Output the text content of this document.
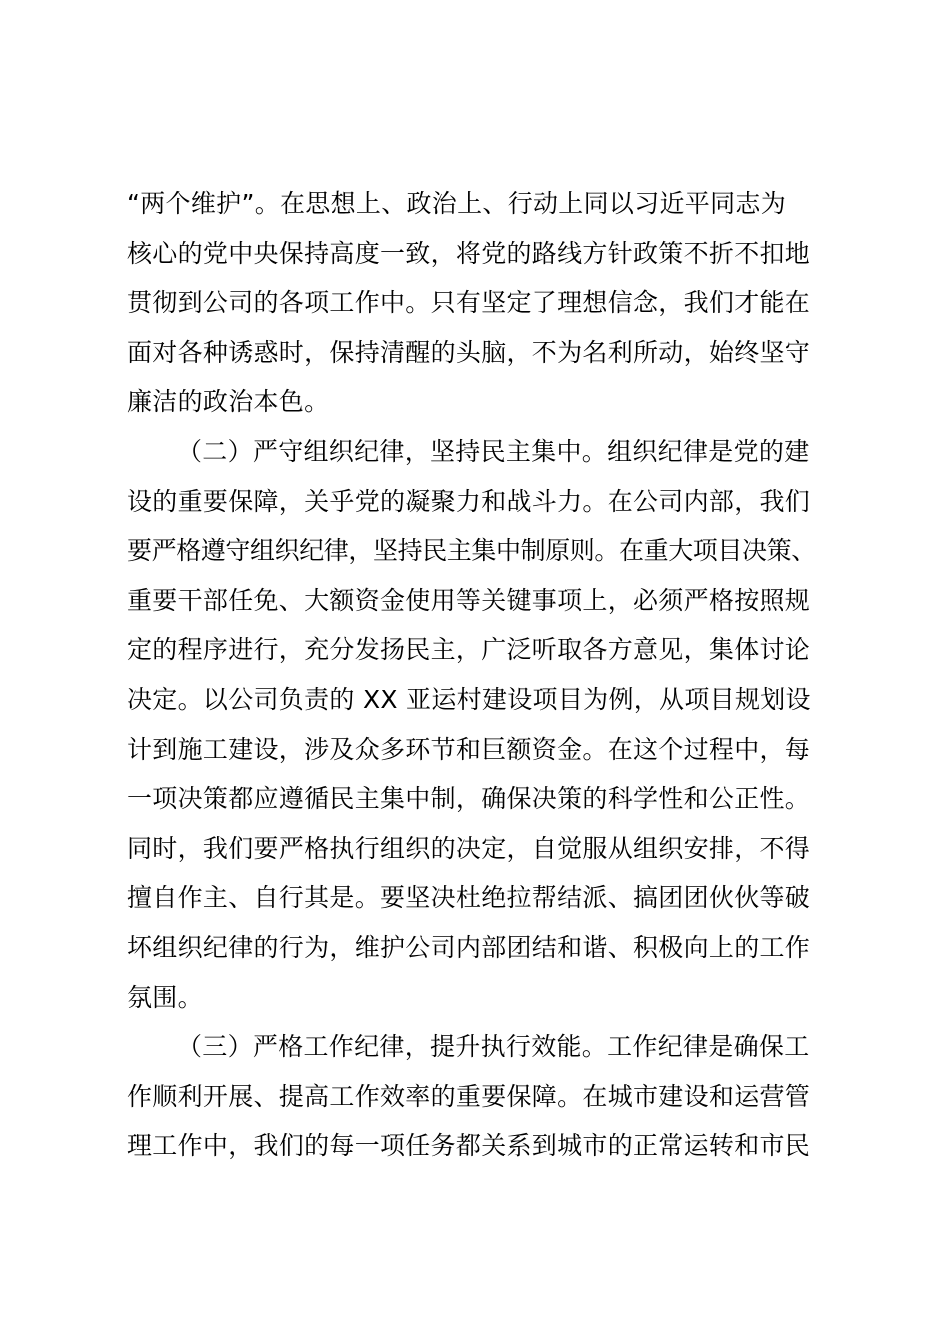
“两个维护”。在思想上、政治上、行动上同以习近平同志为
核心的党中央保持高度一致，将党的路线方针政策不折不扣地
贯彻到公司的各项工作中。只有坚定了理想信念，我们才能在
面对各种诱惑时，保持清醒的头脑，不为名利所动，始终坚守
廉洁的政治本色。
（二）严守组织纪律，坚持民主集中。组织纪律是党的建
设的重要保障，关乎党的凝聚力和战斗力。在公司内部，我们
要严格遵守组织纪律，坚持民主集中制原则。在重大项目决策、
重要干部任免、大额资金使用等关键事项上，必须严格按照规
定的程序进行，充分发扬民主，广泛听取各方意见，集体讨论
决定。以公司负责的 XX 亚运村建设项目为例，从项目规划设
计到施工建设，涉及众多环节和巨额资金。在这个过程中，每
一项决策都应遵循民主集中制，确保决策的科学性和公正性。
同时，我们要严格执行组织的决定，自觉服从组织安排，不得
擅自作主、自行其是。要坚决杜绝拉帮结派、搞团团伙伙等破
坏组织纪律的行为，维护公司内部团结和谐、积极向上的工作
氛围。
（三）严格工作纪律，提升执行效能。工作纪律是确保工
作顺利开展、提高工作效率的重要保障。在城市建设和运营管
理工作中，我们的每一项任务都关系到城市的正常运转和市民
